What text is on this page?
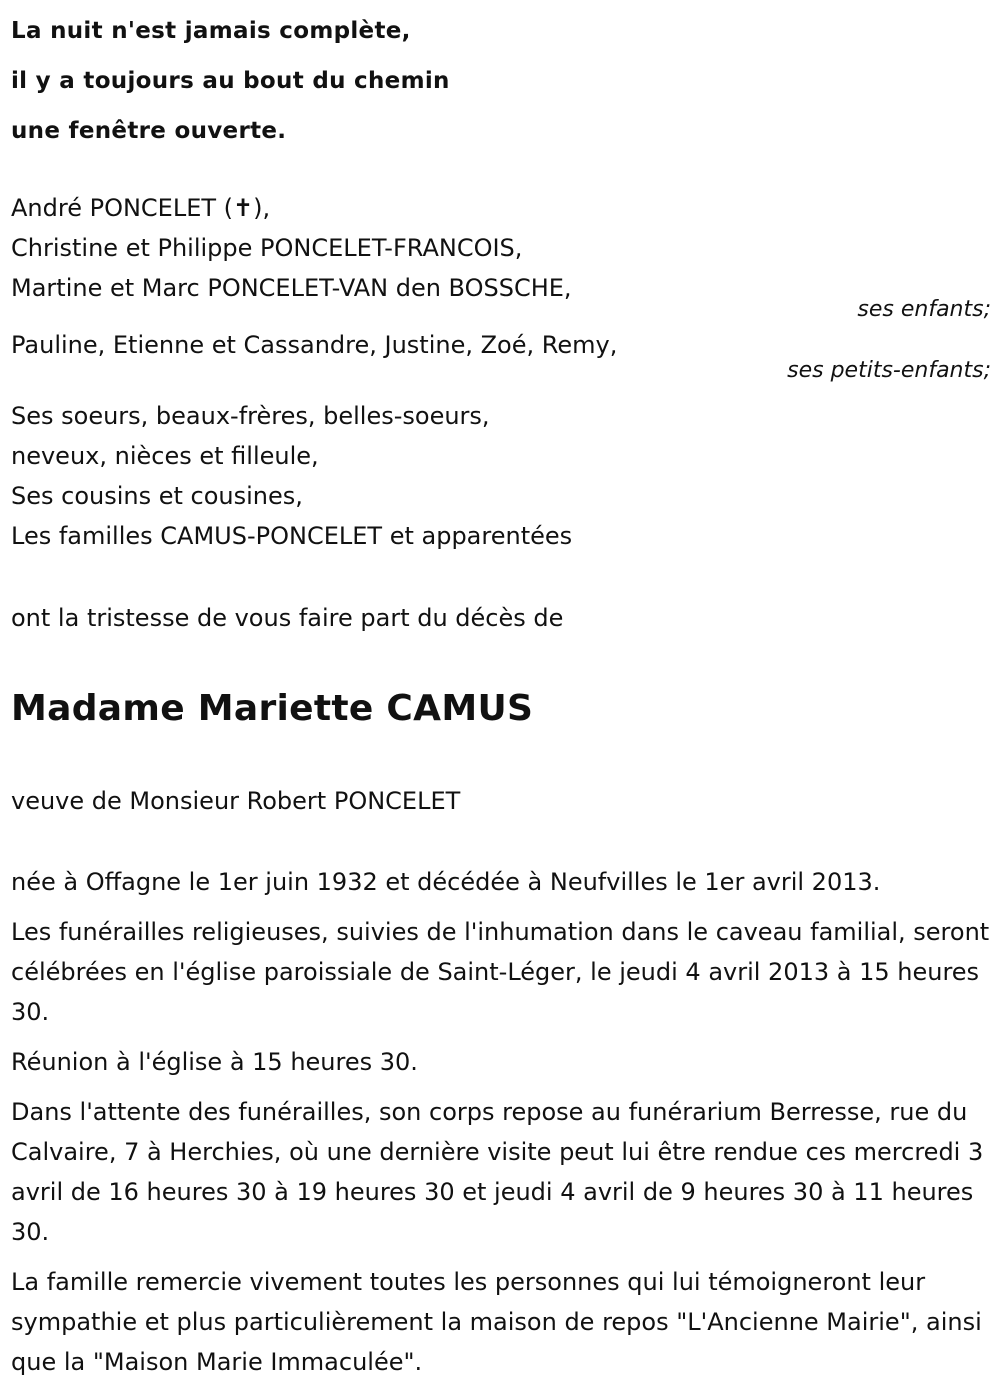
La nuit n'est jamais complète,
il y a toujours au bout du chemin
une fenêtre ouverte.
André PONCELET (✝),
Christine et Philippe PONCELET-FRANCOIS,
Martine et Marc PONCELET-VAN den BOSSCHE,
ses enfants;
Pauline, Etienne et Cassandre, Justine, Zoé, Remy,
ses petits-enfants;
Ses soeurs, beaux-frères, belles-soeurs,
neveux, nièces et filleule,
Ses cousins et cousines,
Les familles CAMUS-PONCELET et apparentées
ont la tristesse de vous faire part du décès de
Madame Mariette CAMUS
veuve de Monsieur Robert PONCELET

née à Offagne le 1er juin 1932 et décédée à Neufvilles le 1er avril 2013.

Les funérailles religieuses, suivies de l'inhumation dans le caveau familial, seront célébrées en l'église paroissiale de Saint-Léger, le jeudi 4 avril 2013 à 15 heures 30.

Réunion à l'église à 15 heures 30.

Dans l'attente des funérailles, son corps repose au funérarium Berresse, rue du Calvaire, 7 à Herchies, où une dernière visite peut lui être rendue ces mercredi 3 avril de 16 heures 30 à 19 heures 30 et jeudi 4 avril de 9 heures 30 à 11 heures 30.

La famille remercie vivement toutes les personnes qui lui témoigneront leur sympathie et plus particulièrement la maison de repos "L'Ancienne Mairie", ainsi que la "Maison Marie Immaculée".
